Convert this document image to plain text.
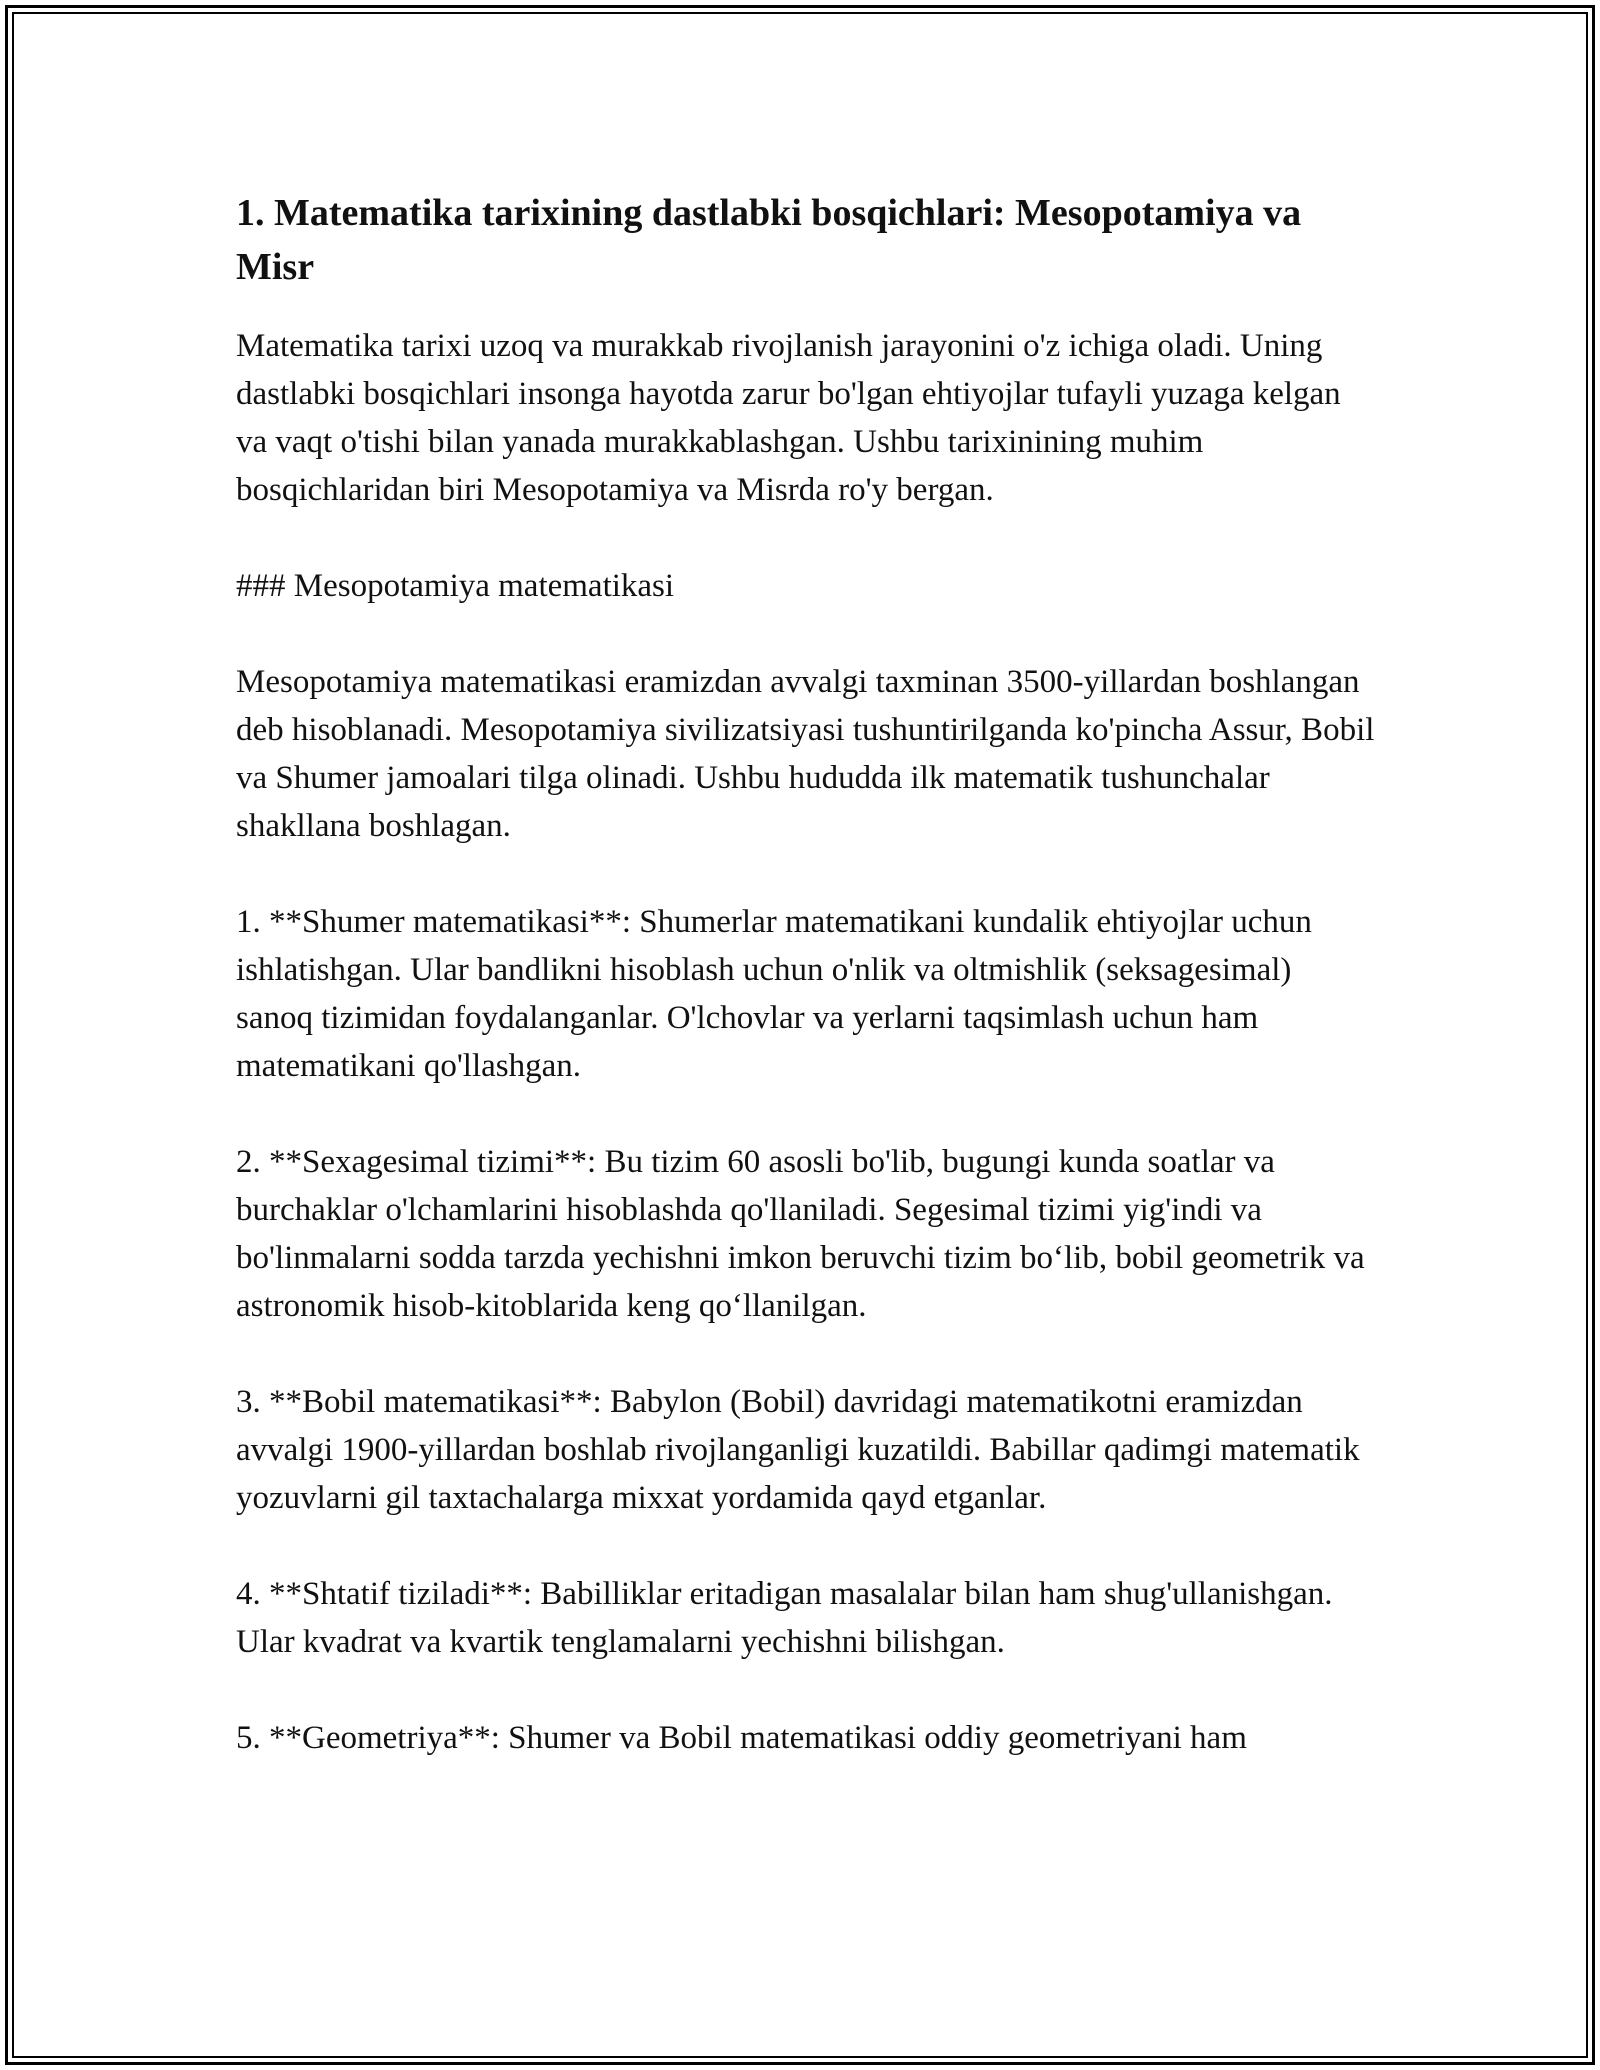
1. Matematika tarixining dastlabki bosqichlari: Mesopotamiya va Misr

Matematika tarixi uzoq va murakkab rivojlanish jarayonini o'z ichiga oladi. Uning dastlabki bosqichlari insonga hayotda zarur bo'lgan ehtiyojlar tufayli yuzaga kelgan va vaqt o'tishi bilan yanada murakkablashgan. Ushbu tarixinining muhim bosqichlaridan biri Mesopotamiya va Misrda ro'y bergan.

### Mesopotamiya matematikasi

Mesopotamiya matematikasi eramizdan avvalgi taxminan 3500-yillardan boshlangan deb hisoblanadi. Mesopotamiya sivilizatsiyasi tushuntirilganda ko'pincha Assur, Bobil va Shumer jamoalari tilga olinadi. Ushbu hududda ilk matematik tushunchalar shakllana boshlagan.

1. **Shumer matematikasi**: Shumerlar matematikani kundalik ehtiyojlar uchun ishlatishgan. Ular bandlikni hisoblash uchun o'nlik va oltmishlik (seksagesimal) sanoq tizimidan foydalanganlar. O'lchovlar va yerlarni taqsimlash uchun ham matematikani qo'llashgan.

2. **Sexagesimal tizimi**: Bu tizim 60 asosli bo'lib, bugungi kunda soatlar va burchaklar o'lchamlarini hisoblashda qo'llaniladi. Segesimal tizimi yig'indi va bo'linmalarni sodda tarzda yechishni imkon beruvchi tizim bo‘lib, bobil geometrik va astronomik hisob-kitoblarida keng qo‘llanilgan.

3. **Bobil matematikasi**: Babylon (Bobil) davridagi matematikotni eramizdan avvalgi 1900-yillardan boshlab rivojlanganligi kuzatildi. Babillar qadimgi matematik yozuvlarni gil taxtachalarga mixxat yordamida qayd etganlar.

4. **Shtatif tiziladi**: Babilliklar eritadigan masalalar bilan ham shug'ullanishgan. Ular kvadrat va kvartik tenglamalarni yechishni bilishgan.

5. **Geometriya**: Shumer va Bobil matematikasi oddiy geometriyani ham
